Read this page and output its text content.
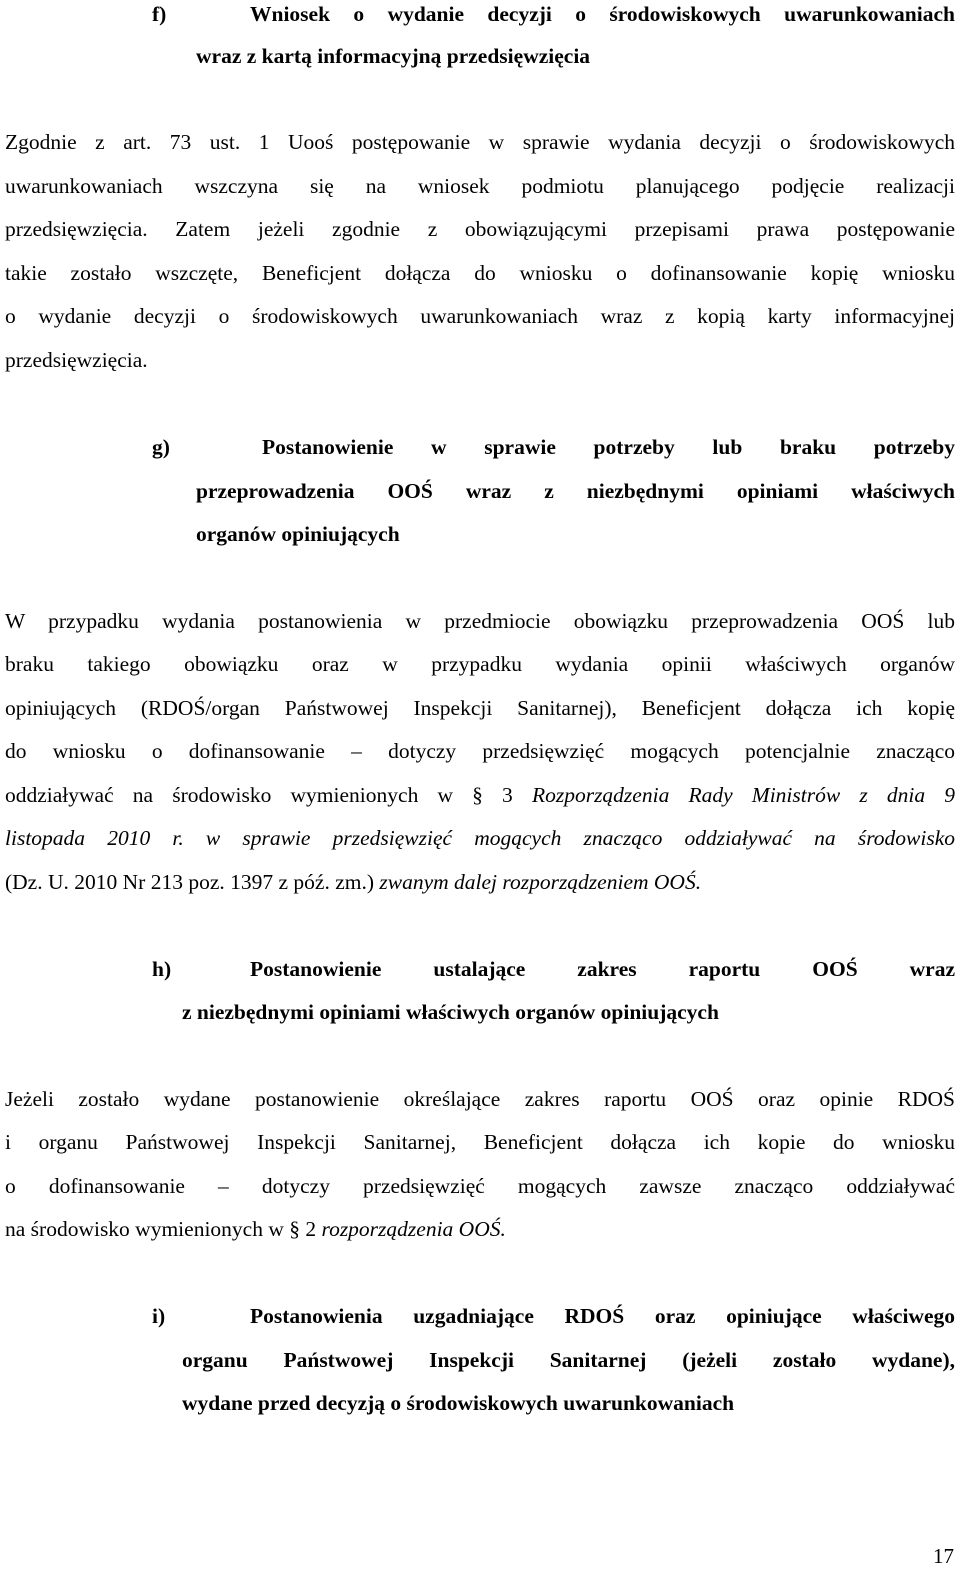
f)	Wniosek o wydanie decyzji o środowiskowych uwarunkowaniach
wraz z kartą informacyjną przedsięwzięcia
Zgodnie z art. 73 ust. 1 Uooś postępowanie w sprawie wydania decyzji o środowiskowych
uwarunkowaniach wszczyna się na wniosek podmiotu planującego podjęcie realizacji
przedsięwzięcia. Zatem jeżeli zgodnie z obowiązującymi przepisami prawa postępowanie
takie zostało wszczęte, Beneficjent dołącza do wniosku o dofinansowanie kopię wniosku
o wydanie decyzji o środowiskowych uwarunkowaniach wraz z kopią karty informacyjnej
przedsięwzięcia.
g)	Postanowienie w sprawie potrzeby lub braku potrzeby
przeprowadzenia OOŚ wraz z niezbędnymi opiniami właściwych
organów opiniujących
W przypadku wydania postanowienia w przedmiocie obowiązku przeprowadzenia OOŚ lub
braku takiego obowiązku oraz w przypadku wydania opinii właściwych organów
opiniujących (RDOŚ/organ Państwowej Inspekcji Sanitarnej), Beneficjent dołącza ich kopię
do wniosku o dofinansowanie – dotyczy przedsięwzięć mogących potencjalnie znacząco
oddziaływać na środowisko wymienionych w § 3 Rozporządzenia Rady Ministrów z dnia 9
listopada 2010 r. w sprawie przedsięwzięć mogących znacząco oddziaływać na środowisko
(Dz. U. 2010 Nr 213 poz. 1397 z póź. zm.) zwanym dalej rozporządzeniem OOŚ.
h)	Postanowienie ustalające zakres raportu OOŚ wraz
z niezbędnymi opiniami właściwych organów opiniujących
Jeżeli zostało wydane postanowienie określające zakres raportu OOŚ oraz opinie RDOŚ
i organu Państwowej Inspekcji Sanitarnej, Beneficjent dołącza ich kopie do wniosku
o dofinansowanie – dotyczy przedsięwzięć mogących zawsze znacząco oddziaływać
na środowisko wymienionych w § 2 rozporządzenia OOŚ.
i)	Postanowienia uzgadniające RDOŚ oraz opiniujące właściwego
organu Państwowej Inspekcji Sanitarnej (jeżeli zostało wydane),
wydane przed decyzją o środowiskowych uwarunkowaniach
17
